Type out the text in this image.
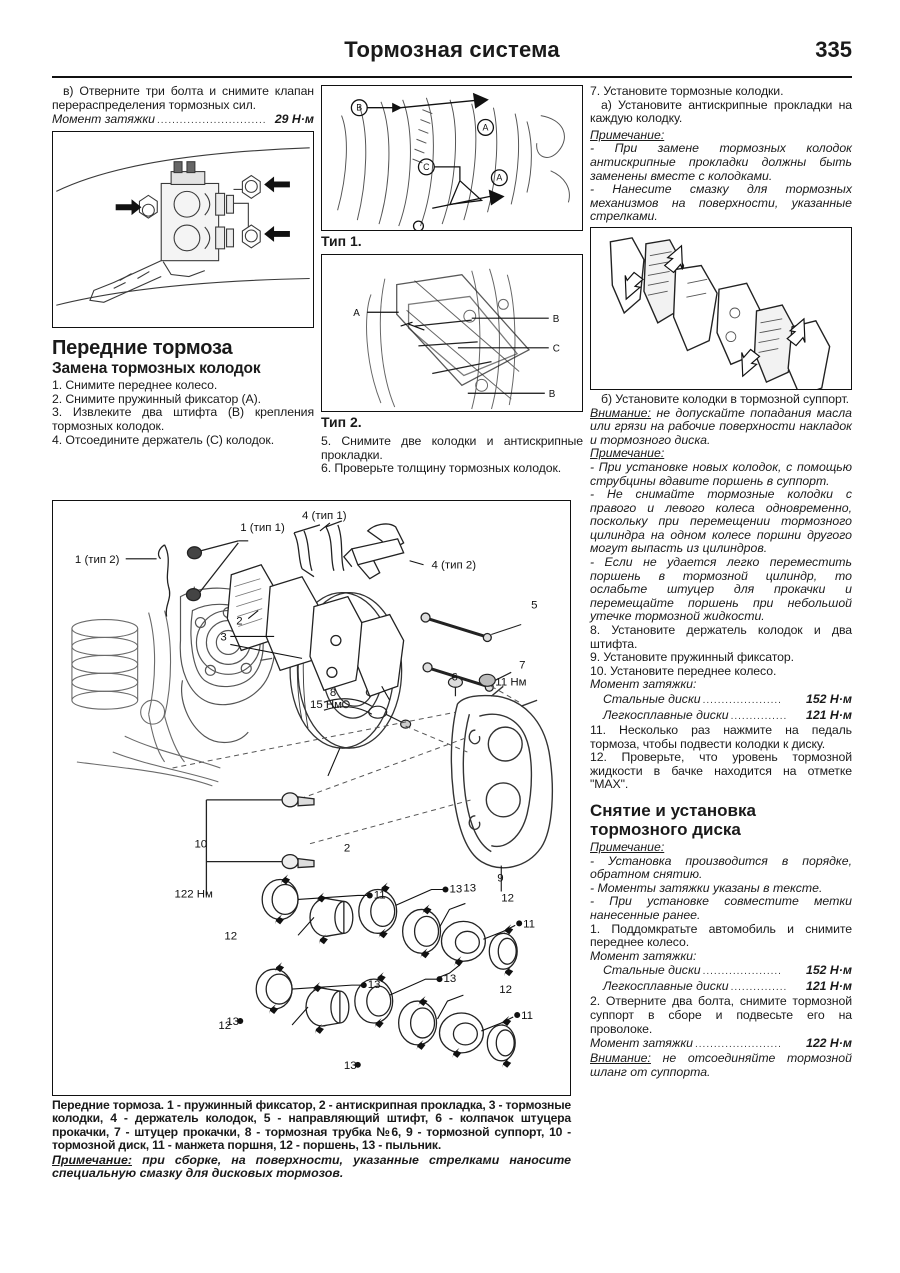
Тормозная система	335
в) Отверните три болта и снимите клапан перераспределения тормозных сил.
Момент затяжки ............................. 29 Н·м
Передние тормоза
Замена тормозных колодок
1. Снимите переднее колесо.
2. Снимите пружинный фиксатор (A).
3. Извлеките два штифта (B) крепления тормозных колодок.
4. Отсоедините держатель (C) колодок.
B
A
A
C
Тип 1.
A
B
C
B
Тип 2.
5. Снимите две колодки и антискрипные прокладки.
6. Проверьте толщину тормозных колодок.
7. Установите тормозные колодки.
а) Установите антискрипные прокладки на каждую колодку.
Примечание:
- При замене тормозных колодок антискрипные прокладки должны быть заменены вместе с колодками.
- Нанесите смазку для тормозных механизмов на поверхности, указанные стрелками.
б) Установите колодки в тормозной суппорт.
Внимание: не допускайте попадания масла или грязи на рабочие поверхности накладок и тормозного диска.
Примечание:
- При установке новых колодок, с помощью струбцины вдавите поршень в суппорт.
- Не снимайте тормозные колодки с правого и левого колеса одновременно, поскольку при перемещении тормозного цилиндра на одном колесе поршни другого могут выпасть из цилиндров.
- Если не удается легко переместить поршень в тормозной цилиндр, то ослабьте штуцер для прокачки и перемещайте поршень при небольшой утечке тормозной жидкости.
8. Установите держатель колодок и два штифта.
9. Установите пружинный фиксатор.
10. Установите переднее колесо.
Момент затяжки:
Стальные диски .....................	152 Н·м
Легкосплавные диски ...............	121 Н·м
11. Несколько раз нажмите на педаль тормоза, чтобы подвести колодки к диску.
12. Проверьте, что уровень тормозной жидкости в бачке находится на отметке "MAX".
Снятие и установка
тормозного диска
Примечание:
- Установка производится в порядке, обратном снятию.
- Моменты затяжки указаны в тексте.
- При установке совместите метки нанесенные ранее.
1. Поддомкратьте автомобиль и снимите переднее колесо.
Момент затяжки:
Стальные диски .....................	152 Н·м
Легкосплавные диски ...............	121 Н·м
2. Отверните два болта, снимите тормозной суппорт в сборе и подвесьте его на проволоке.
Момент затяжки .......................	122 Н·м
Внимание: не отсоединяйте тормозной шланг от суппорта.
1 (тип 2)
1 (тип 1)
4 (тип 1)
4 (тип 2)
2
2
3
5
6
7
11 Нм
8
15 Нм
122 Нм
9
10
11	13
13	13
12
12
13
12
12
11
11
13
13
Передние тормоза. 1 - пружинный фиксатор, 2 - антискрипная прокладка, 3 - тормозные колодки, 4 - держатель колодок, 5 - направляющий штифт, 6 - колпачок штуцера прокачки, 7 - штуцер прокачки, 8 - тормозная трубка №6, 9 - тормозной суппорт, 10 - тормозной диск, 11 - манжета поршня, 12 - поршень, 13 - пыльник.
Примечание: при сборке, на поверхности, указанные стрелками наносите специальную смазку для дисковых тормозов.
